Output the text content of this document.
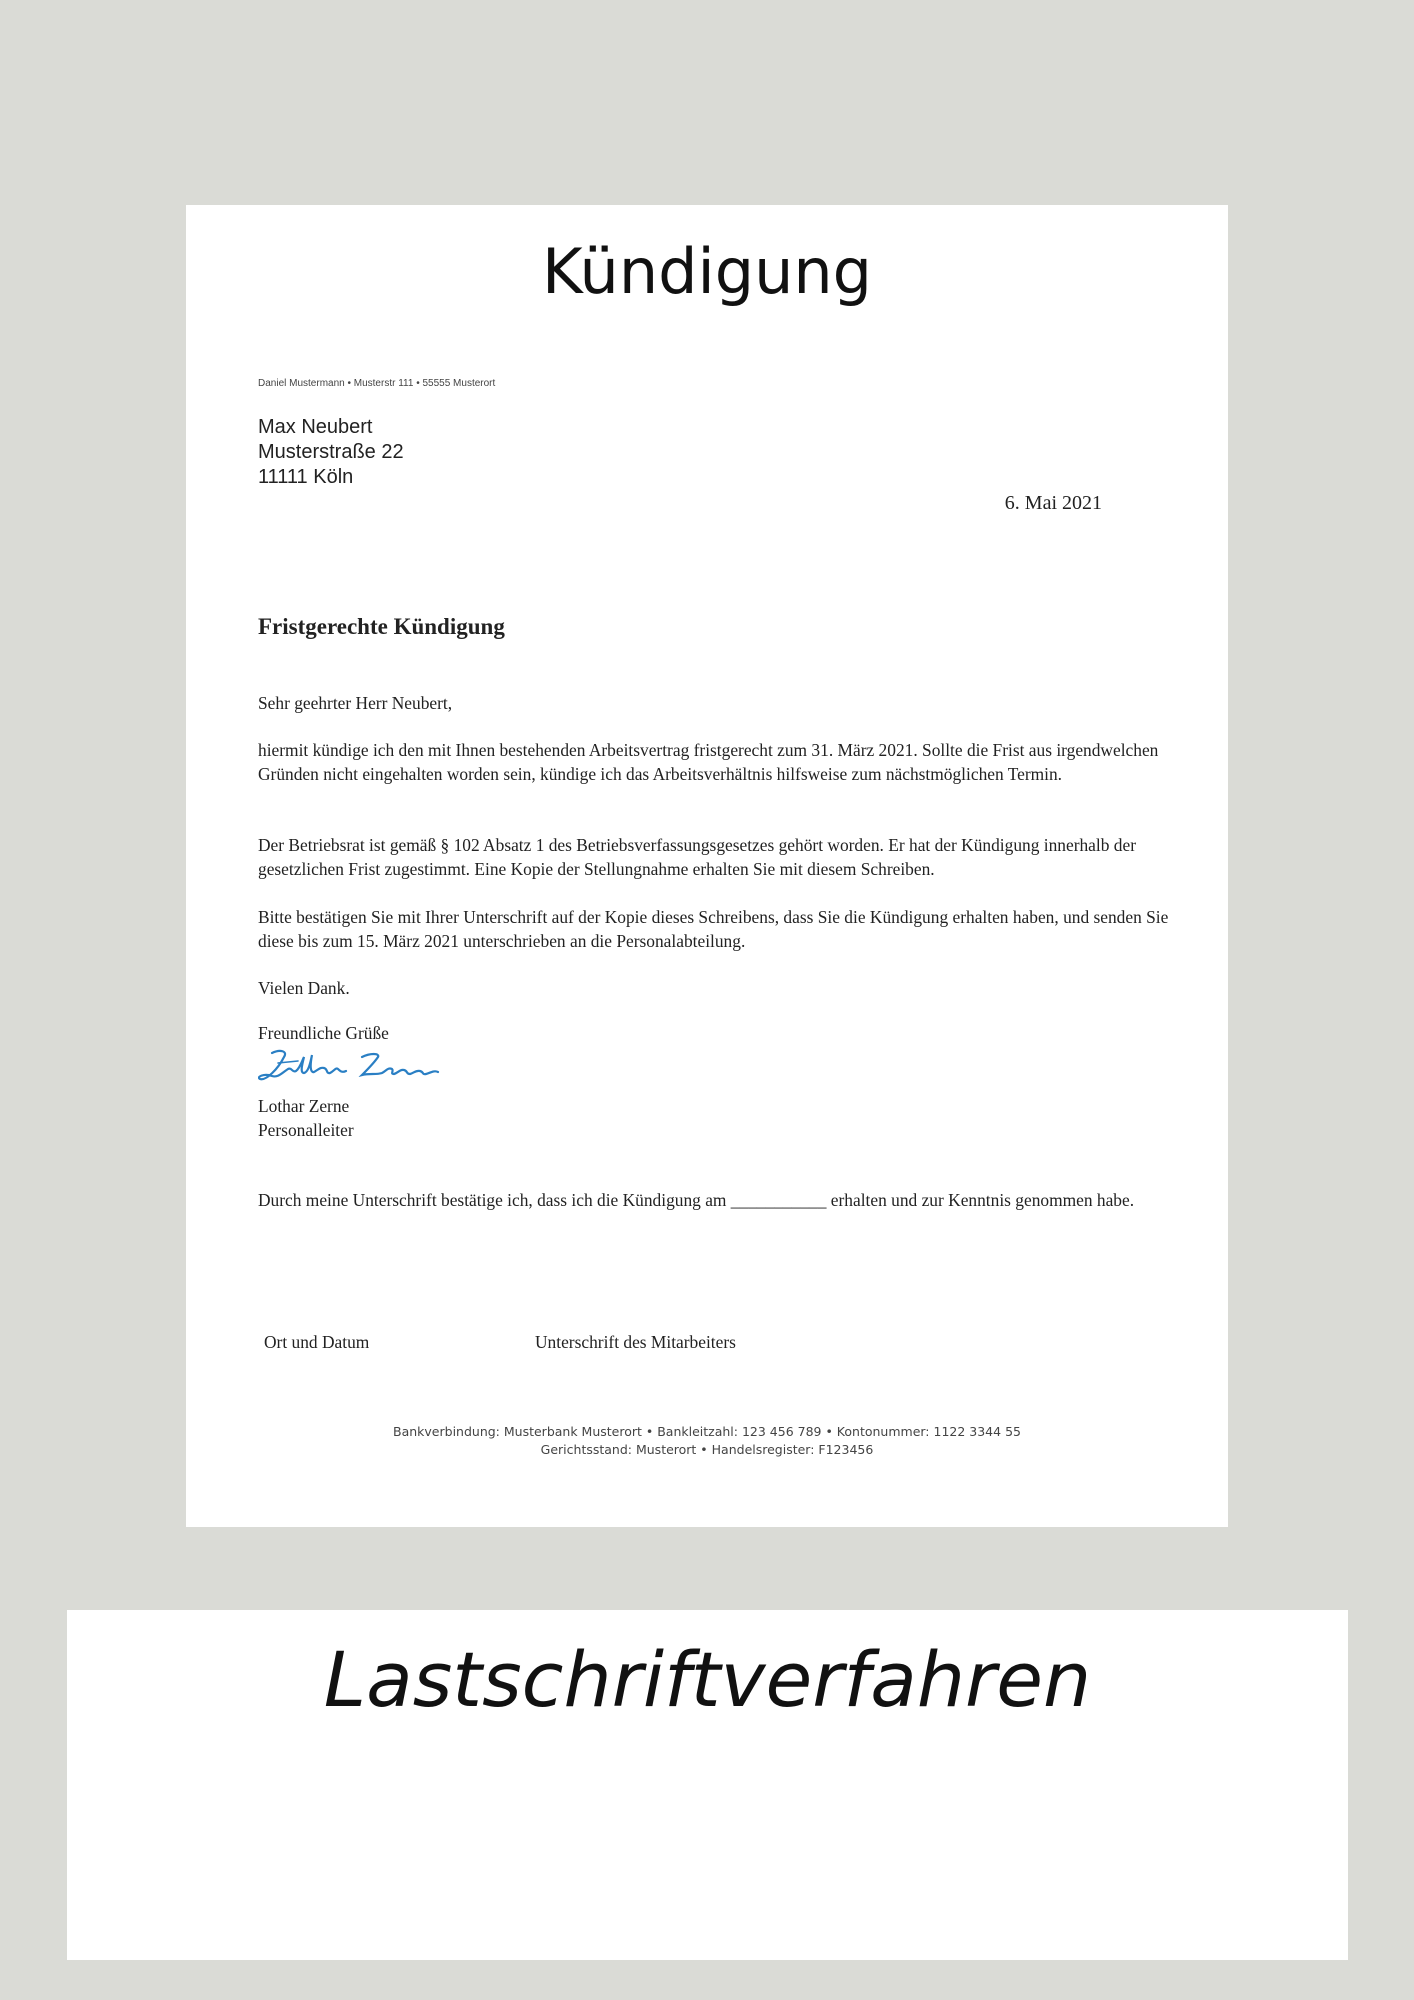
Kündigung
Daniel Mustermann • Musterstr 111 • 55555 Musterort
Max Neubert
Musterstraße 22
11111 Köln
6. Mai 2021
Fristgerechte Kündigung
Sehr geehrter Herr Neubert,
hiermit kündige ich den mit Ihnen bestehenden Arbeitsvertrag fristgerecht zum 31. März 2021. Sollte die Frist aus irgendwelchen Gründen nicht eingehalten worden sein, kündige ich das Arbeitsverhältnis hilfsweise zum nächstmöglichen Termin.
Der Betriebsrat ist gemäß § 102 Absatz 1 des Betriebsverfassungsgesetzes gehört worden. Er hat der Kündigung innerhalb der gesetzlichen Frist zugestimmt. Eine Kopie der Stellungnahme erhalten Sie mit diesem Schreiben.
Bitte bestätigen Sie mit Ihrer Unterschrift auf der Kopie dieses Schreibens, dass Sie die Kündigung erhalten haben, und senden Sie diese bis zum 15. März 2021 unterschrieben an die Personalabteilung.
Vielen Dank.
Freundliche Grüße
Lothar Zerne
Personalleiter
Durch meine Unterschrift bestätige ich, dass ich die Kündigung am ___________ erhalten und zur Kenntnis genommen habe.
Ort und Datum	Unterschrift des Mitarbeiters
Bankverbindung: Musterbank Musterort • Bankleitzahl: 123 456 789 • Kontonummer: 1122 3344 55
Gerichtsstand: Musterort • Handelsregister: F123456
Lastschriftverfahren
